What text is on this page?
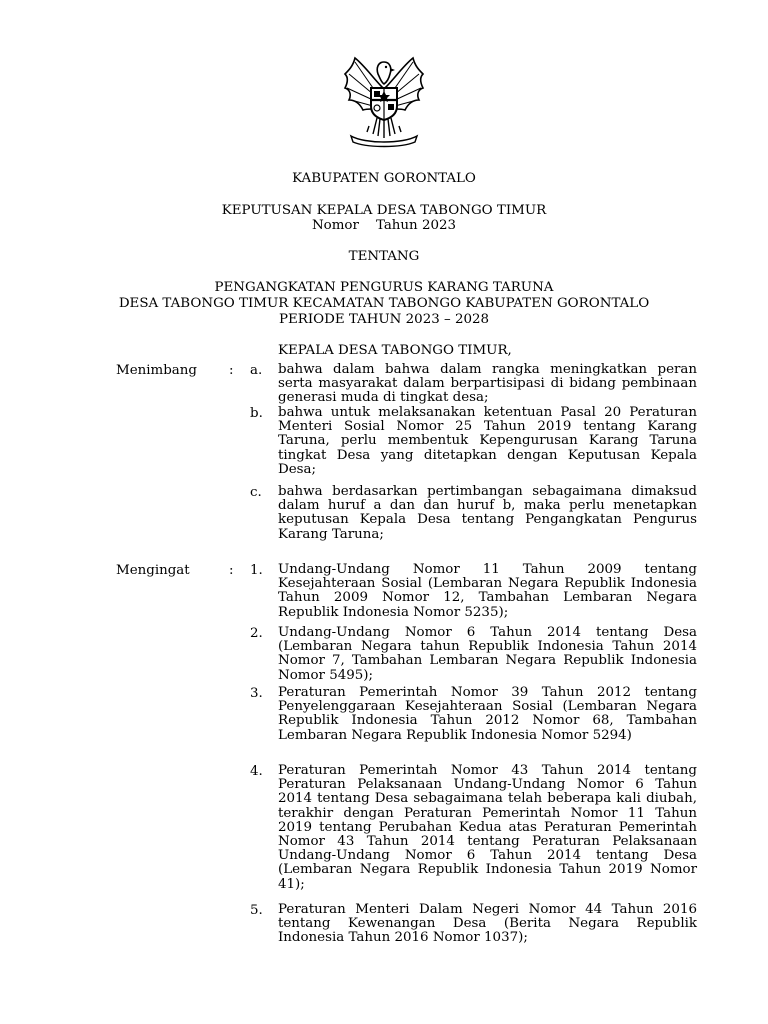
KABUPATEN GORONTALO
KEPUTUSAN KEPALA DESA TABONGO TIMUR
Nomor Tahun 2023
TENTANG
PENGANGKATAN PENGURUS KARANG TARUNA
DESA TABONGO TIMUR KECAMATAN TABONGO KABUPATEN GORONTALO
PERIODE TAHUN 2023 – 2028
KEPALA DESA TABONGO TIMUR,
Menimbang : a. bahwa dalam bahwa dalam rangka meningkatkan peran serta masyarakat dalam berpartisipasi di bidang pembinaan generasi muda di tingkat desa;
b. bahwa untuk melaksanakan ketentuan Pasal 20 Peraturan Menteri Sosial Nomor 25 Tahun 2019 tentang Karang Taruna, perlu membentuk Kepengurusan Karang Taruna tingkat Desa yang ditetapkan dengan Keputusan Kepala Desa;
c. bahwa berdasarkan pertimbangan sebagaimana dimaksud dalam huruf a dan dan huruf b, maka perlu menetapkan keputusan Kepala Desa tentang Pengangkatan Pengurus Karang Taruna;
Mengingat	: 1. Undang-Undang Nomor 11 Tahun 2009 tentang Kesejahteraan Sosial (Lembaran Negara Republik Indonesia Tahun 2009 Nomor 12, Tambahan Lembaran Negara Republik Indonesia Nomor 5235);
2. Undang-Undang Nomor 6 Tahun 2014 tentang Desa (Lembaran Negara tahun Republik Indonesia Tahun 2014 Nomor 7, Tambahan Lembaran Negara Republik Indonesia Nomor 5495);
3. Peraturan Pemerintah Nomor 39 Tahun 2012 tentang Penyelenggaraan Kesejahteraan Sosial (Lembaran Negara Republik Indonesia Tahun 2012 Nomor 68, Tambahan Lembaran Negara Republik Indonesia Nomor 5294)
4. Peraturan Pemerintah Nomor 43 Tahun 2014 tentang Peraturan Pelaksanaan Undang-Undang Nomor 6 Tahun 2014 tentang Desa sebagaimana telah beberapa kali diubah, terakhir dengan Peraturan Pemerintah Nomor 11 Tahun 2019 tentang Perubahan Kedua atas Peraturan Pemerintah Nomor 43 Tahun 2014 tentang Peraturan Pelaksanaan Undang-Undang Nomor 6 Tahun 2014 tentang Desa (Lembaran Negara Republik Indonesia Tahun 2019 Nomor 41);
5. Peraturan Menteri Dalam Negeri Nomor 44 Tahun 2016 tentang Kewenangan Desa (Berita Negara Republik Indonesia Tahun 2016 Nomor 1037);
